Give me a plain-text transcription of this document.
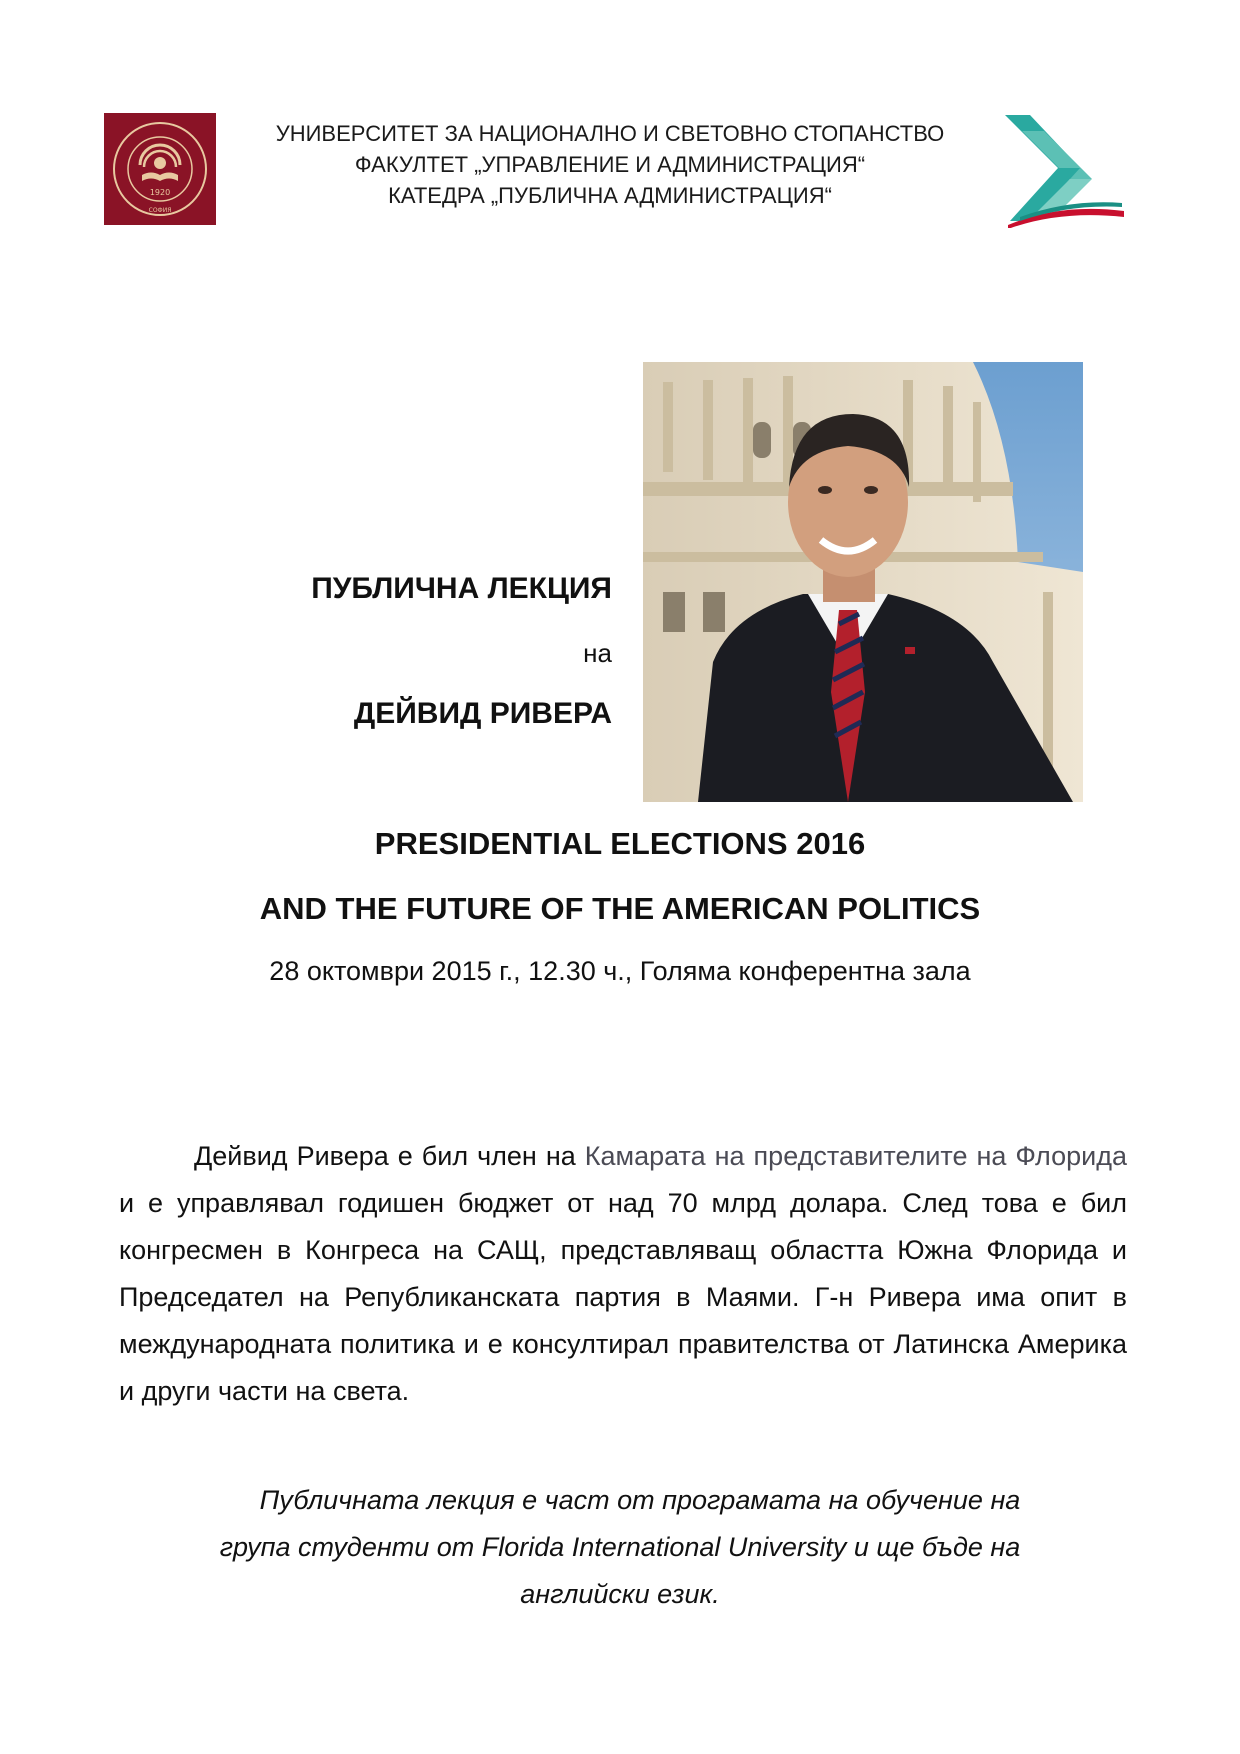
1920
СОФИЯ
УНИВЕРСИТЕТ ЗА НАЦИОНАЛНО И СВЕТОВНО СТОПАНСТВО
ФАКУЛТЕТ „УПРАВЛЕНИЕ И АДМИНИСТРАЦИЯ“
КАТЕДРА „ПУБЛИЧНА АДМИНИСТРАЦИЯ“
ПУБЛИЧНА ЛЕКЦИЯ
на
ДЕЙВИД РИВЕРА
PRESIDENTIAL ELECTIONS 2016
AND THE FUTURE OF THE AMERICAN POLITICS
28 октомври 2015 г., 12.30 ч., Голяма конферентна зала

Дейвид Ривера е бил член на Камарата на представителите на Флорида и е управлявал годишен бюджет от над 70 млрд долара. След това е бил конгресмен в Конгреса на САЩ, представляващ областта Южна Флорида и Председател на Републиканската партия в Маями. Г-н Ривера има опит в международната политика и е консултирал правителства от Латинска Америка и други части на света.

Публичната лекция е част от програмата на обучение на
група студенти от Florida International University и ще бъде на
английски език.
